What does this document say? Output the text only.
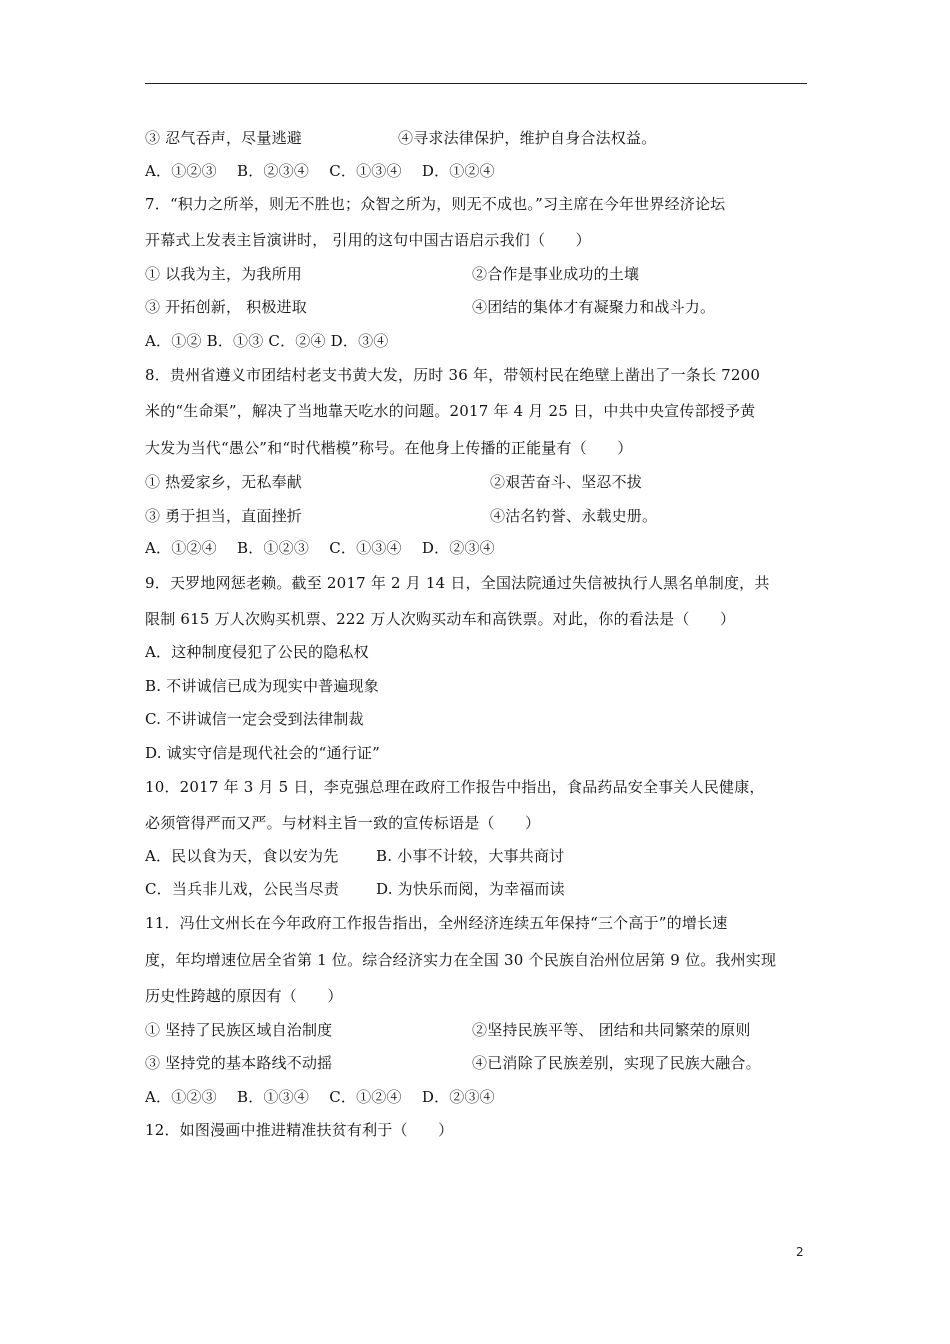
③ 忍气吞声，尽量逃避	④寻求法律保护，维护自身合法权益。
A．①②③　 B．②③④　 C．①③④　 D．①②④
7．“积力之所举，则无不胜也；众智之所为，则无不成也。”习主席在今年世界经济论坛
开幕式上发表主旨演讲时， 引用的这句中国古语启示我们（　　）
① 以我为主，为我所用	②合作是事业成功的土壤
③ 开拓创新， 积极进取	④团结的集体才有凝聚力和战斗力。
A．①② B．①③ C．②④ D．③④
8．贵州省遵义市团结村老支书黄大发，历时 36 年，带领村民在绝壁上凿出了一条长 7200
米的“生命渠”，解决了当地靠天吃水的问题。2017 年 4 月 25 日，中共中央宣传部授予黄
大发为当代“愚公”和“时代楷模”称号。在他身上传播的正能量有（　　）
① 热爱家乡，无私奉献	②艰苦奋斗、坚忍不拔
③ 勇于担当，直面挫折	④沽名钓誉、永载史册。
A．①②④　 B．①②③　 C．①③④　 D．②③④
9．天罗地网惩老赖。截至 2017 年 2 月 14 日，全国法院通过失信被执行人黑名单制度，共
限制 615 万人次购买机票、222 万人次购买动车和高铁票。对此，你的看法是（　　）
A．这种制度侵犯了公民的隐私权
B. 不讲诚信已成为现实中普遍现象
C. 不讲诚信一定会受到法律制裁
D. 诚实守信是现代社会的“通行证”
10．2017 年 3 月 5 日，李克强总理在政府工作报告中指出，食品药品安全事关人民健康，
必须管得严而又严。与材料主旨一致的宣传标语是（　　）
A．民以食为天，食以安为先	B. 小事不计较，大事共商讨
C．当兵非儿戏，公民当尽责 D. 为快乐而阅，为幸福而读
11．冯仕文州长在今年政府工作报告指出，全州经济连续五年保持“三个高于”的增长速
度，年均增速位居全省第 1 位。综合经济实力在全国 30 个民族自治州位居第 9 位。我州实现
历史性跨越的原因有（　　）
① 坚持了民族区域自治制度	②坚持民族平等、 团结和共同繁荣的原则
③ 坚持党的基本路线不动摇	④已消除了民族差别，实现了民族大融合。
A．①②③　 B．①③④　 C．①②④　 D．②③④
12．如图漫画中推进精准扶贫有利于（　　）
2
